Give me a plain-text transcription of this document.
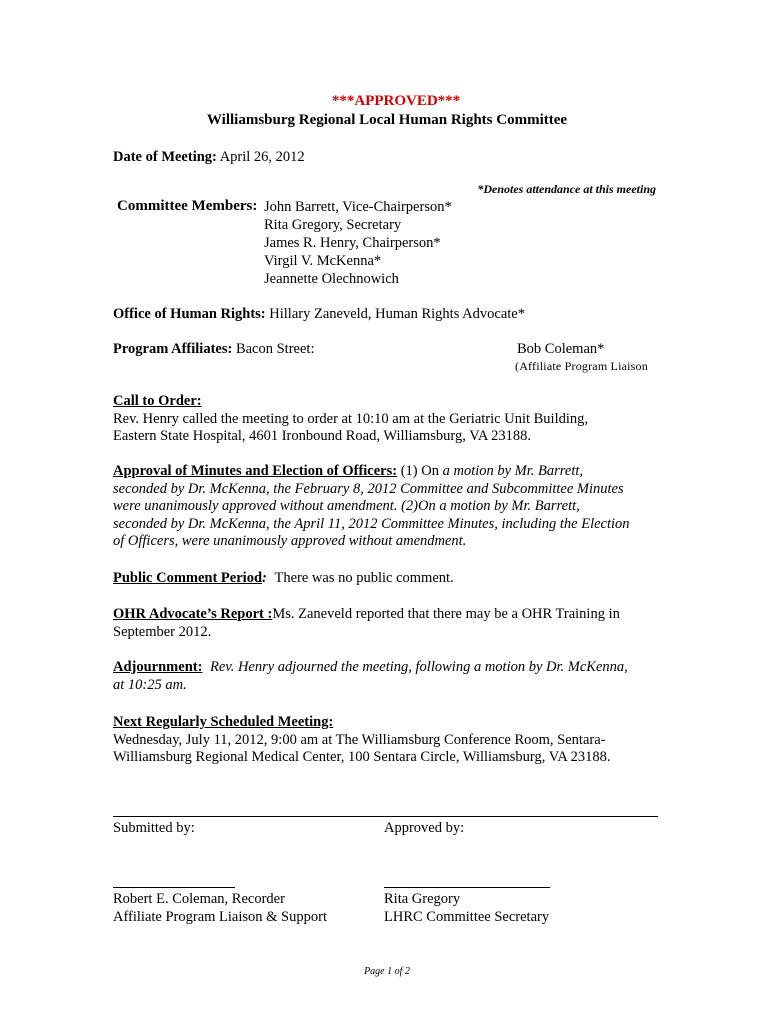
***APPROVED***
Williamsburg Regional Local Human Rights Committee
Date of Meeting: April 26, 2012
*Denotes attendance at this meeting
Committee Members: John Barrett, Vice-Chairperson*
Rita Gregory, Secretary
James R. Henry, Chairperson*
Virgil V. McKenna*
Jeannette Olechnowich
Office of Human Rights: Hillary Zaneveld, Human Rights Advocate*
Program Affiliates: Bacon Street:	Bob Coleman*
(Affiliate Program Liaison
Call to Order:
Rev. Henry called the meeting to order at 10:10 am at the Geriatric Unit Building,
Eastern State Hospital, 4601 Ironbound Road, Williamsburg, VA 23188.
Approval of Minutes and Election of Officers: (1) On a motion by Mr. Barrett,
seconded by Dr. McKenna, the February 8, 2012 Committee and Subcommittee Minutes
were unanimously approved without amendment. (2)On a motion by Mr. Barrett,
seconded by Dr. McKenna, the April 11, 2012 Committee Minutes, including the Election
of Officers, were unanimously approved without amendment.
Public Comment Period: There was no public comment.
OHR Advocate’s Report :Ms. Zaneveld reported that there may be a OHR Training in
September 2012.
Adjournment: Rev. Henry adjourned the meeting, following a motion by Dr. McKenna,
at 10:25 am.
Next Regularly Scheduled Meeting:
Wednesday, July 11, 2012, 9:00 am at The Williamsburg Conference Room, Sentara-
Williamsburg Regional Medical Center, 100 Sentara Circle, Williamsburg, VA 23188.
Submitted by:	Approved by:
Robert E. Coleman, Recorder
Affiliate Program Liaison & Support
Rita Gregory
LHRC Committee Secretary
Page 1 of 2
